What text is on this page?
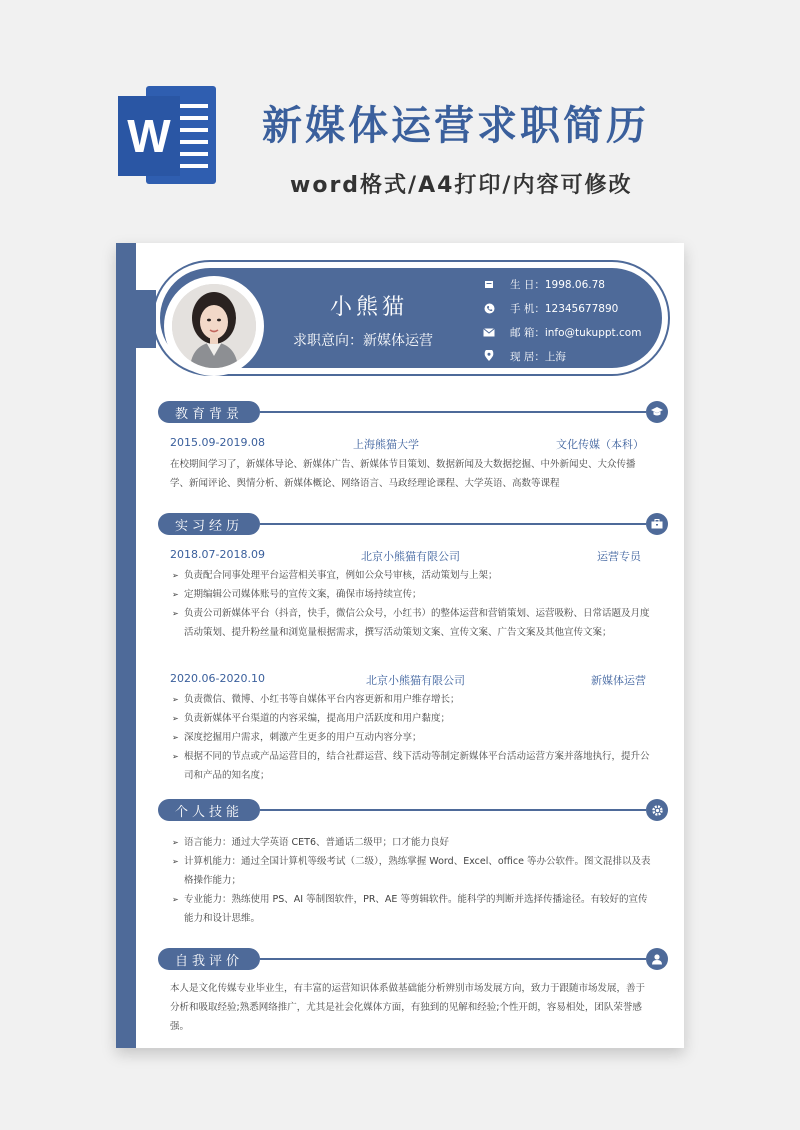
W 新媒体运营求职简历
word格式/A4打印/内容可修改
小熊猫
求职意向：新媒体运营
生 日：1998.06.78
手 机：12345677890
邮 箱：info@tukuppt.com
现 居：上海
教育背景
2015.09-2019.08	上海熊猫大学	文化传媒（本科）
在校期间学习了，新媒体导论、新媒体广告、新媒体节目策划、数据新闻及大数据挖掘、中外新闻史、大众传播学、新闻评论、舆情分析、新媒体概论、网络语言、马政经理论课程、大学英语、高数等课程
实习经历
2018.07-2018.09	北京小熊猫有限公司	运营专员
➢ 负责配合同事处理平台运营相关事宜，例如公众号审核，活动策划与上架；
➢ 定期编辑公司媒体账号的宣传文案，确保市场持续宣传；
➢ 负责公司新媒体平台（抖音，快手，微信公众号，小红书）的整体运营和营销策划、运营吸粉、日常话题及月度活动策划、提升粉丝量和浏览量根据需求，撰写活动策划文案、宣传文案、广告文案及其他宣传文案；
2020.06-2020.10	北京小熊猫有限公司	新媒体运营
➢ 负责微信、微博、小红书等自媒体平台内容更新和用户维存增长；
➢ 负责新媒体平台渠道的内容采编，提高用户活跃度和用户黏度；
➢ 深度挖掘用户需求，刺激产生更多的用户互动内容分享；
➢ 根据不同的节点或产品运营目的，结合社群运营、线下活动等制定新媒体平台活动运营方案并落地执行，提升公司和产品的知名度；
个人技能
➢ 语言能力：通过大学英语 CET6、普通话二级甲；口才能力良好
➢ 计算机能力：通过全国计算机等级考试（二级），熟练掌握 Word、Excel、office 等办公软件。图文混排以及表格操作能力；
➢ 专业能力：熟练使用 PS、AI 等制图软件，PR、AE 等剪辑软件。能科学的判断并选择传播途径。有较好的宣传能力和设计思维。
自我评价
本人是文化传媒专业毕业生，有丰富的运营知识体系做基础能分析辨别市场发展方向，致力于跟随市场发展，善于分析和吸取经验;熟悉网络推广，尤其是社会化媒体方面，有独到的见解和经验;个性开朗，容易相处，团队荣誉感强。
